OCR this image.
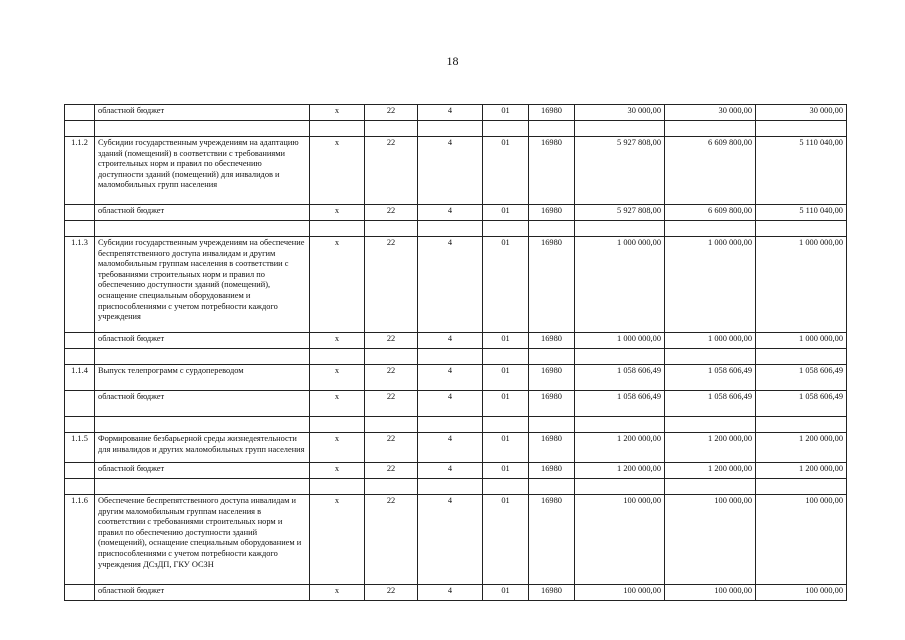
18
	областной бюджет	х	22	4	01	16980	30 000,00	30 000,00	30 000,00

1.1.2	Субсидии государственным учреждениям на адаптацию зданий (помещений) в соответствии с требованиями строительных норм и правил по обеспечению доступности зданий (помещений) для инвалидов и маломобильных групп населения	х	22	4	01	16980	5 927 808,00	6 609 800,00	5 110 040,00
	областной бюджет	х	22	4	01	16980	5 927 808,00	6 609 800,00	5 110 040,00

1.1.3	Субсидии государственным учреждениям на обеспечение беспрепятственного доступа инвалидам и другим маломобильным группам населения в соответствии с требованиями строительных норм и правил по обеспечению доступности зданий (помещений), оснащение специальным оборудованием и приспособлениями с учетом потребности каждого учреждения	х	22	4	01	16980	1 000 000,00	1 000 000,00	1 000 000,00
	областной бюджет	х	22	4	01	16980	1 000 000,00	1 000 000,00	1 000 000,00

1.1.4	Выпуск телепрограмм с сурдопереводом	х	22	4	01	16980	1 058 606,49	1 058 606,49	1 058 606,49
	областной бюджет	х	22	4	01	16980	1 058 606,49	1 058 606,49	1 058 606,49

1.1.5	Формирование безбарьерной среды жизнедеятельности для инвалидов и других маломобильных групп населения	х	22	4	01	16980	1 200 000,00	1 200 000,00	1 200 000,00
	областной бюджет	х	22	4	01	16980	1 200 000,00	1 200 000,00	1 200 000,00

1.1.6	Обеспечение беспрепятственного доступа инвалидам и другим маломобильным группам населения в соответствии с требованиями строительных норм и правил по обеспечению доступности зданий (помещений), оснащение специальным оборудованием и приспособлениями с учетом потребности каждого учреждения ДСзДП, ГКУ ОСЗН	х	22	4	01	16980	100 000,00	100 000,00	100 000,00
	областной бюджет	х	22	4	01	16980	100 000,00	100 000,00	100 000,00
